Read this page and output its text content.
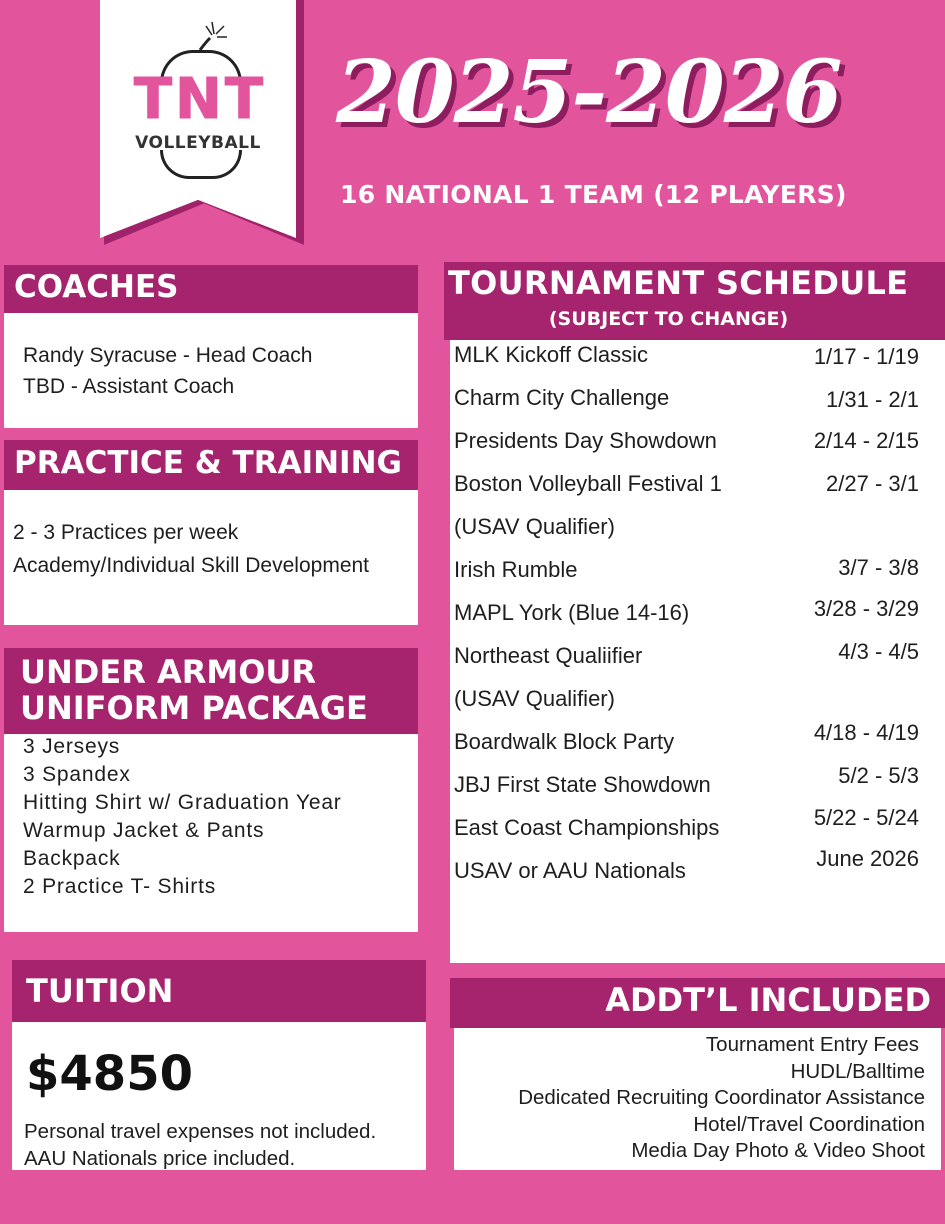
TNT
VOLLEYBALL 2025-2026
16 NATIONAL 1 TEAM (12 PLAYERS)
COACHES
Randy Syracuse - Head Coach
TBD - Assistant Coach
PRACTICE & TRAINING
2 - 3 Practices per week
Academy/Individual Skill Development
UNDER ARMOUR
UNIFORM PACKAGE
3 Jerseys
3 Spandex
Hitting Shirt w/ Graduation Year
Warmup Jacket & Pants
Backpack
2 Practice T- Shirts
TUITION
$4850
Personal travel expenses not included.
AAU Nationals price included.
TOURNAMENT SCHEDULE
(SUBJECT TO CHANGE)
MLK Kickoff Classic	1/17 - 1/19
Charm City Challenge	1/31 - 2/1
Presidents Day Showdown	2/14 - 2/15
Boston Volleyball Festival 1	2/27 - 3/1
(USAV Qualifier)
Irish Rumble	3/7 - 3/8
MAPL York (Blue 14-16)	3/28 - 3/29
Northeast Qualiifier	4/3 - 4/5
(USAV Qualifier)
Boardwalk Block Party	4/18 - 4/19
JBJ First State Showdown	5/2 - 5/3
East Coast Championships	5/22 - 5/24
USAV or AAU Nationals	June 2026
ADDT’L INCLUDED
Tournament Entry Fees
HUDL/Balltime
Dedicated Recruiting Coordinator Assistance
Hotel/Travel Coordination
Media Day Photo & Video Shoot
